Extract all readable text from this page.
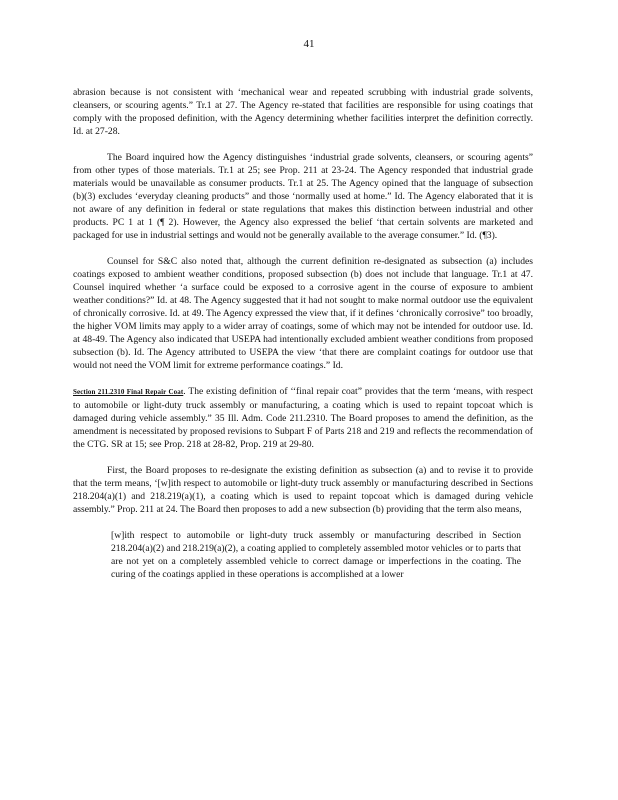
41

abrasion because is not consistent with ‘mechanical wear and repeated scrubbing with industrial grade solvents, cleansers, or scouring agents.” Tr.1 at 27. The Agency re-stated that facilities are responsible for using coatings that comply with the proposed definition, with the Agency determining whether facilities interpret the definition correctly. Id. at 27-28.

The Board inquired how the Agency distinguishes ‘industrial grade solvents, cleansers, or scouring agents” from other types of those materials. Tr.1 at 25; see Prop. 211 at 23-24. The Agency responded that industrial grade materials would be unavailable as consumer products. Tr.1 at 25. The Agency opined that the language of subsection (b)(3) excludes ‘everyday cleaning products” and those ‘normally used at home.” Id. The Agency elaborated that it is not aware of any definition in federal or state regulations that makes this distinction between industrial and other products. PC 1 at 1 (¶ 2). However, the Agency also expressed the belief ‘that certain solvents are marketed and packaged for use in industrial settings and would not be generally available to the average consumer.” Id. (¶3).

Counsel for S&C also noted that, although the current definition re-designated as subsection (a) includes coatings exposed to ambient weather conditions, proposed subsection (b) does not include that language. Tr.1 at 47. Counsel inquired whether ‘a surface could be exposed to a corrosive agent in the course of exposure to ambient weather conditions?” Id. at 48. The Agency suggested that it had not sought to make normal outdoor use the equivalent of chronically corrosive. Id. at 49. The Agency expressed the view that, if it defines ‘chronically corrosive” too broadly, the higher VOM limits may apply to a wider array of coatings, some of which may not be intended for outdoor use. Id. at 48-49. The Agency also indicated that USEPA had intentionally excluded ambient weather conditions from proposed subsection (b). Id. The Agency attributed to USEPA the view ‘that there are complaint coatings for outdoor use that would not need the VOM limit for extreme performance coatings.” Id.

Section 211.2310 Final Repair Coat. The existing definition of ‘‘final repair coat” provides that the term ‘means, with respect to automobile or light-duty truck assembly or manufacturing, a coating which is used to repaint topcoat which is damaged during vehicle assembly.” 35 Ill. Adm. Code 211.2310. The Board proposes to amend the definition, as the amendment is necessitated by proposed revisions to Subpart F of Parts 218 and 219 and reflects the recommendation of the CTG. SR at 15; see Prop. 218 at 28-82, Prop. 219 at 29-80.

First, the Board proposes to re-designate the existing definition as subsection (a) and to revise it to provide that the term means, ‘[w]ith respect to automobile or light-duty truck assembly or manufacturing described in Sections 218.204(a)(1) and 218.219(a)(1), a coating which is used to repaint topcoat which is damaged during vehicle assembly.” Prop. 211 at 24. The Board then proposes to add a new subsection (b) providing that the term also means,

[w]ith respect to automobile or light-duty truck assembly or manufacturing described in Section 218.204(a)(2) and 218.219(a)(2), a coating applied to completely assembled motor vehicles or to parts that are not yet on a completely assembled vehicle to correct damage or imperfections in the coating. The curing of the coatings applied in these operations is accomplished at a lower
